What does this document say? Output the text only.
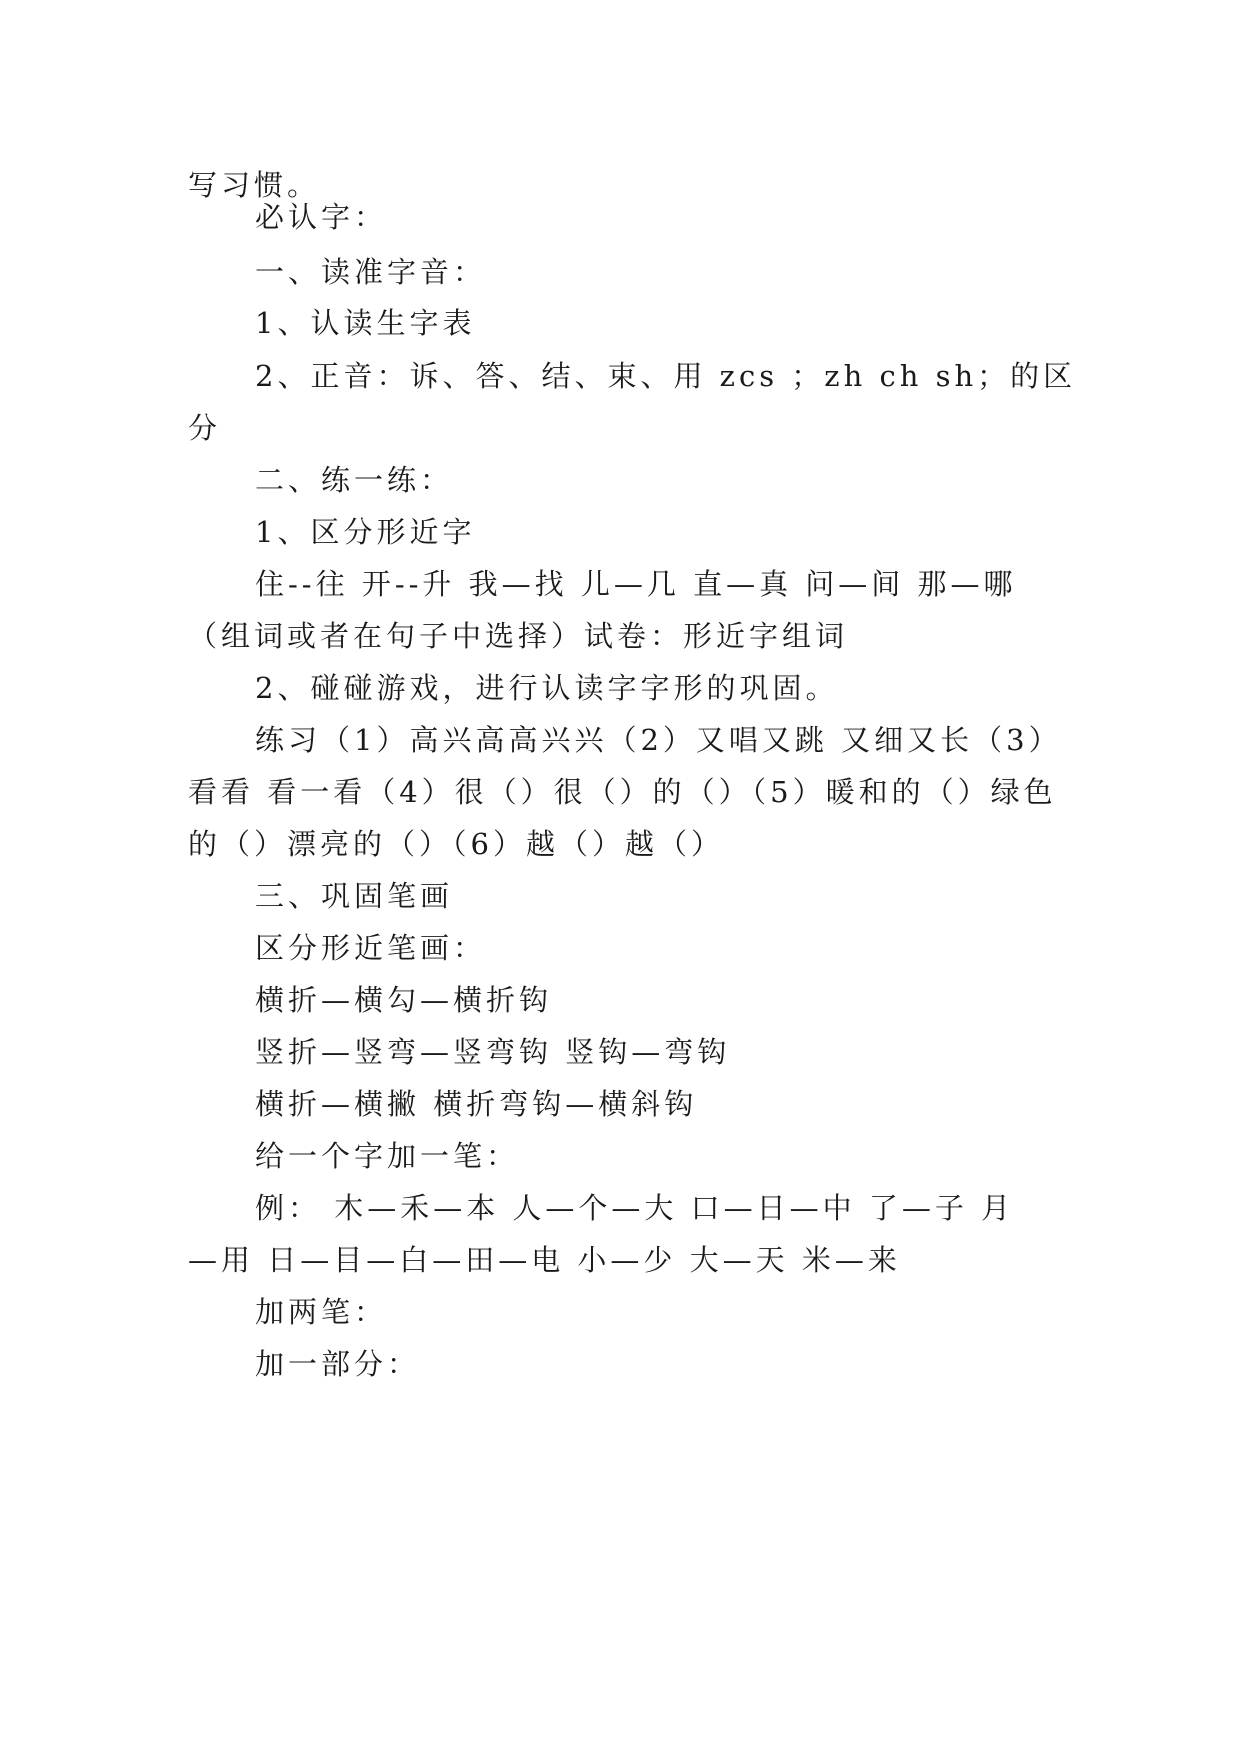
写习惯。

必认字：

一、读准字音：

1、认读生字表

2、正音：诉、答、结、束、用 zcs ；zh ch sh；的区

分

二、练一练：

1、区分形近字

住--往 开--升 我—找 儿—几 直—真 问—间 那—哪

（组词或者在句子中选择）试卷：形近字组词

2、碰碰游戏，进行认读字字形的巩固。

练习（1）高兴高高兴兴（2）又唱又跳 又细又长（3）

看看 看一看（4）很（）很（）的（）（5）暖和的（）绿色

的（）漂亮的（）（6）越（）越（）

三、巩固笔画

区分形近笔画：

横折—横勾—横折钩

竖折—竖弯—竖弯钩 竖钩—弯钩

横折—横撇 横折弯钩—横斜钩

给一个字加一笔：

例： 木—禾—本 人—个—大 口—日—中 了—子 月

—用 日—目—白—田—电 小—少 大—天 米—来

加两笔：

加一部分：
